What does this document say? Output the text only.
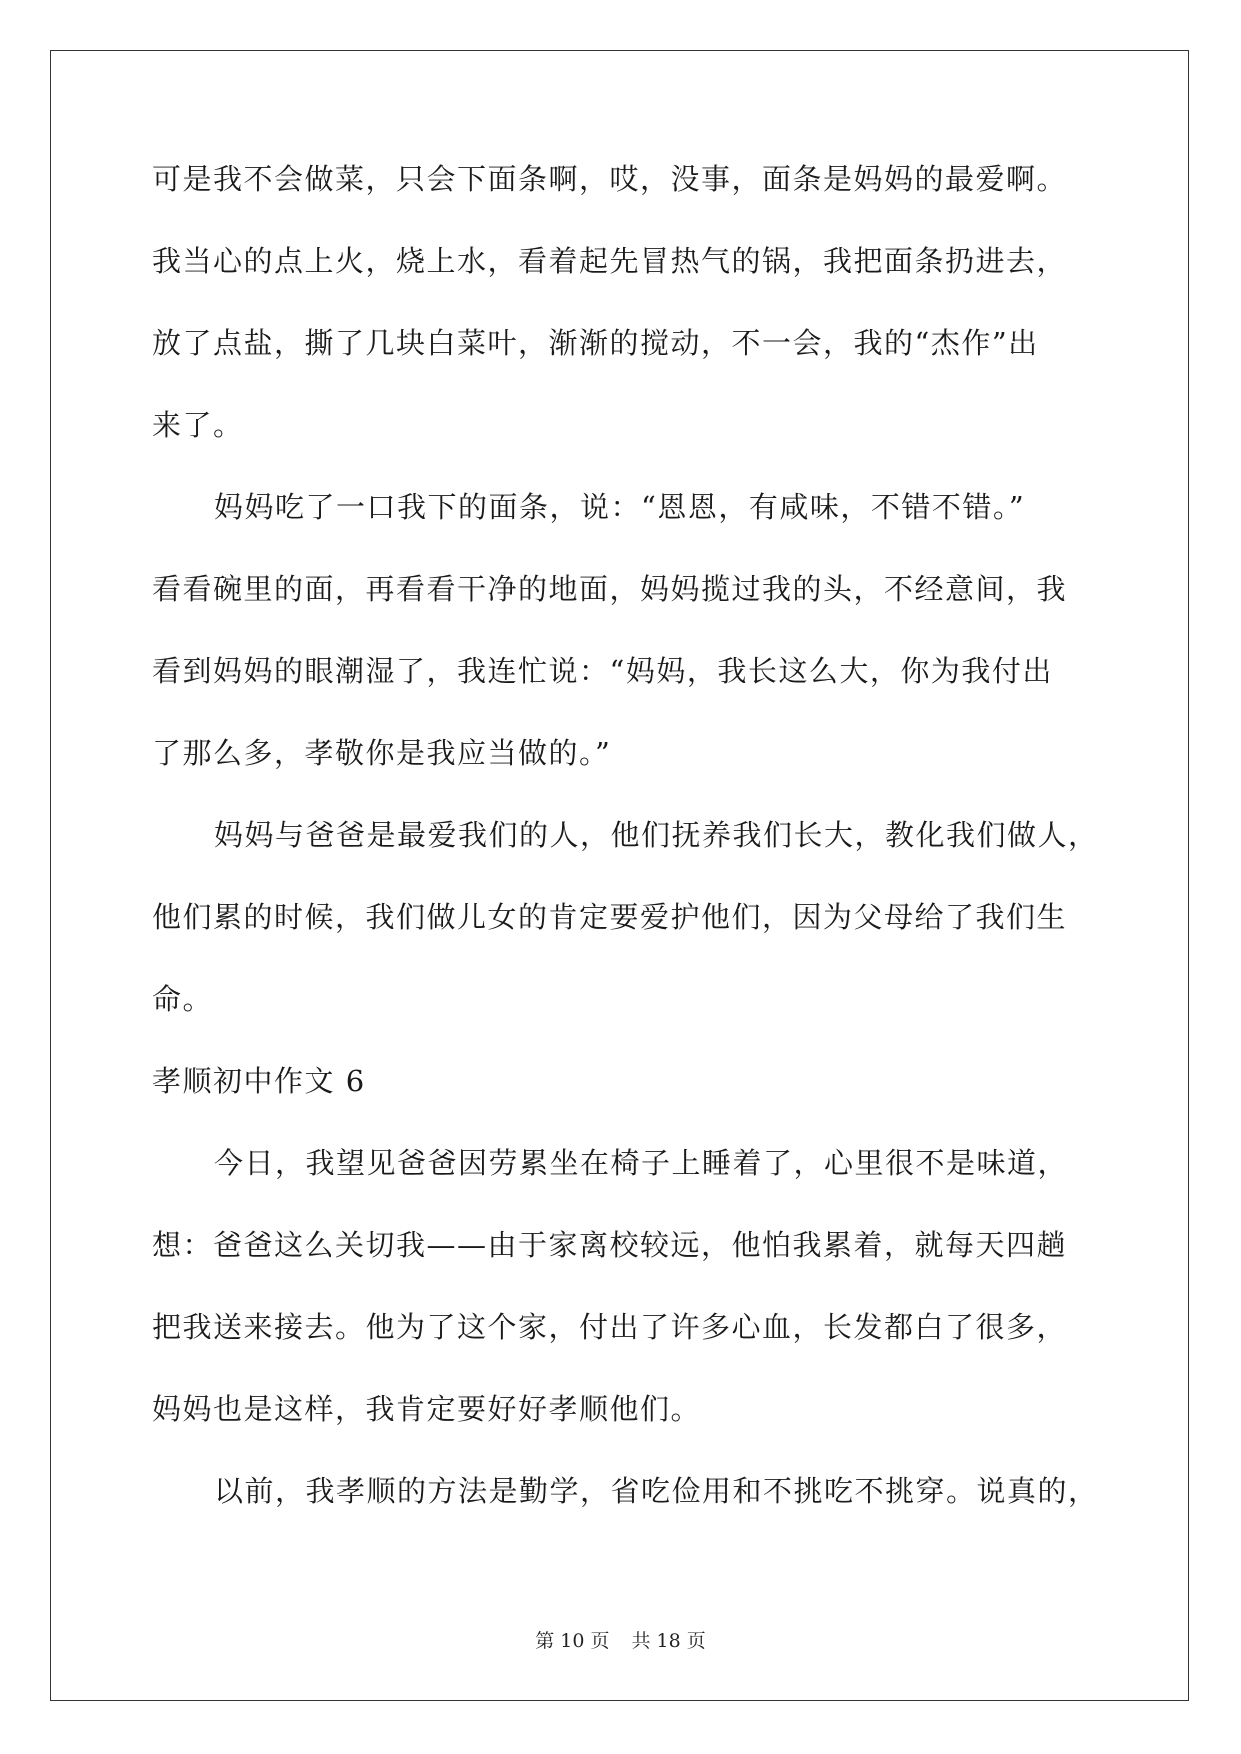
可是我不会做菜，只会下面条啊，哎，没事，面条是妈妈的最爱啊。
我当心的点上火，烧上水，看着起先冒热气的锅，我把面条扔进去，
放了点盐，撕了几块白菜叶，渐渐的搅动，不一会，我的“杰作”出
来了。
妈妈吃了一口我下的面条，说：“恩恩，有咸味，不错不错。”
看看碗里的面，再看看干净的地面，妈妈揽过我的头，不经意间，我
看到妈妈的眼潮湿了，我连忙说：“妈妈，我长这么大，你为我付出
了那么多，孝敬你是我应当做的。”
妈妈与爸爸是最爱我们的人，他们抚养我们长大，教化我们做人，
他们累的时候，我们做儿女的肯定要爱护他们，因为父母给了我们生
命。
孝顺初中作文 6
今日，我望见爸爸因劳累坐在椅子上睡着了，心里很不是味道，
想：爸爸这么关切我——由于家离校较远，他怕我累着，就每天四趟
把我送来接去。他为了这个家，付出了许多心血，长发都白了很多，
妈妈也是这样，我肯定要好好孝顺他们。
以前，我孝顺的方法是勤学，省吃俭用和不挑吃不挑穿。说真的，
第 10 页 共 18 页
